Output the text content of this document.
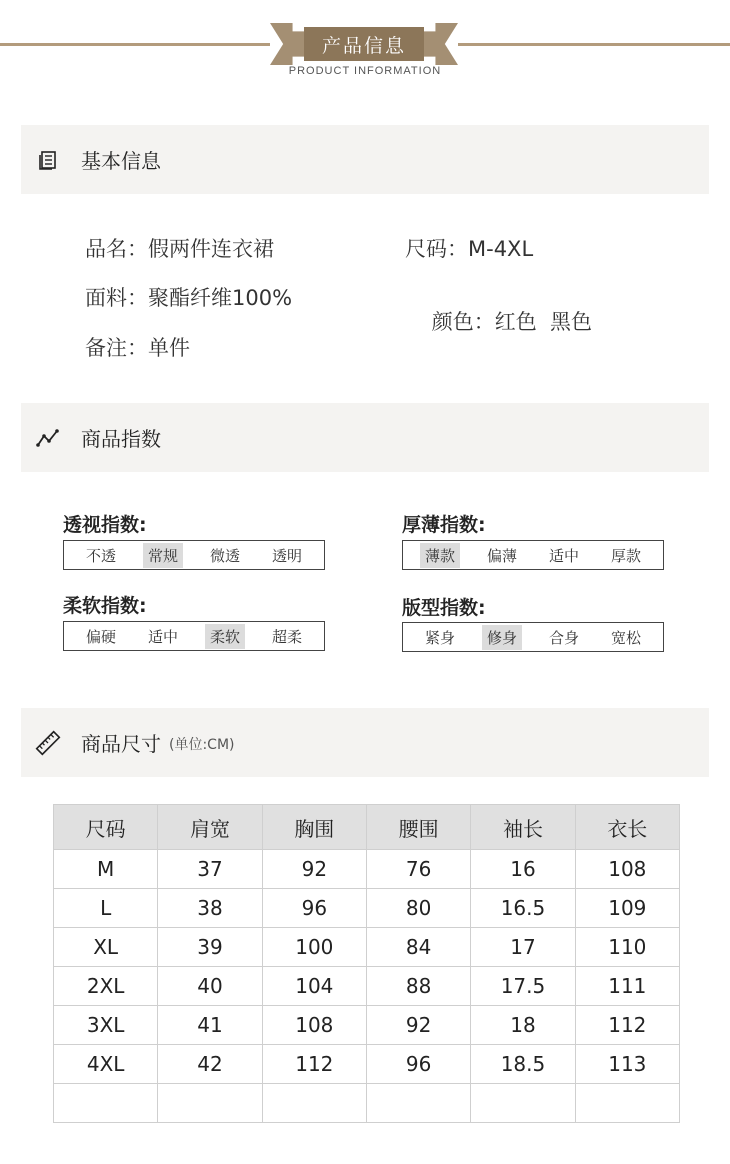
产品信息
PRODUCT INFORMATION
基本信息
品名：假两件连衣裙	尺码：M-4XL
面料：聚酯纤维100%

颜色：红色  黑色

备注：单件
商品指数
透视指数:
不透	常规	微透	透明
厚薄指数:
薄款	偏薄	适中	厚款
柔软指数:
偏硬	适中	柔软	超柔
版型指数:
紧身	修身	合身	宽松
商品尺寸 (单位:CM)
尺码	肩宽	胸围	腰围	袖长	衣长
M	37	92	76	16	108
L	38	96	80	16.5	109
XL	39	100	84	17	110
2XL	40	104	88	17.5	111
3XL	41	108	92	18	112
4XL	42	112	96	18.5	113
